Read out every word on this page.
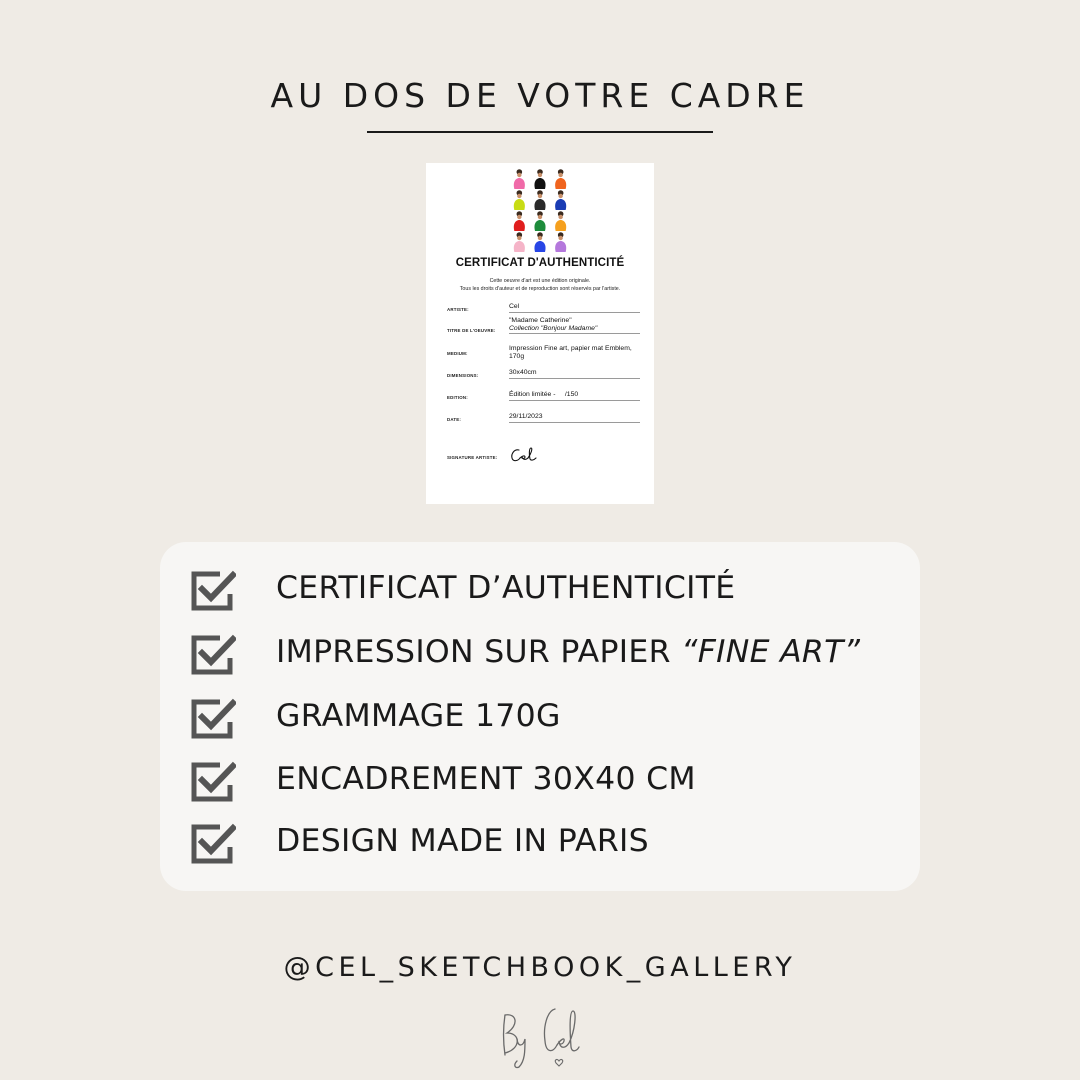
AU DOS DE VOTRE CADRE
CERTIFICAT D'AUTHENTICITÉ
Cette oeuvre d'art est une édition originale.
Tous les droits d'auteur et de reproduction sont réservés par l'artiste.
ARTISTE:	Cel
TITRE DE L'OEUVRE:
"Madame Catherine"
Collection "Bonjour Madame"
MEDIUM:
Impression Fine art, papier mat Emblem, 170g
DIMENSIONS:	30x40cm
EDITION:	Édition limitée -     /150
DATE:	29/11/2023
SIGNATURE ARTISTE:
CERTIFICAT D’AUTHENTICITÉ
IMPRESSION SUR PAPIER “FINE ART”
GRAMMAGE 170G
ENCADREMENT 30X40 CM
DESIGN MADE IN PARIS
@CEL_SKETCHBOOK_GALLERY
